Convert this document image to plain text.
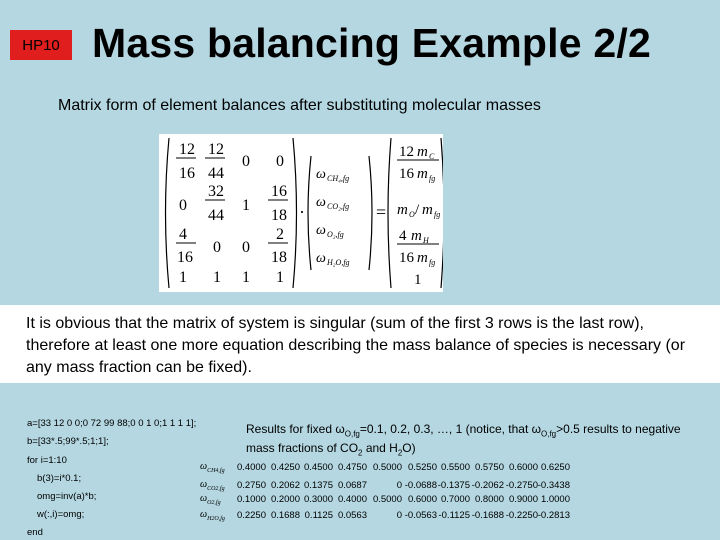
HP10 Mass balancing Example 2/2
Matrix form of element balances after substituting molecular masses
12
16
12
44
0 0
0
32
44
1
16
18
4
16
0 0
2
18
1 1 1 1
·
ω CH₄,fg
ω CO₂,fg
ω O₂,fg
ω H₂O,fg
=
12 m C
16 m fg
m O / m fg
4 m H
16 m fg
1
It is obvious that the matrix of system is singular (sum of the first 3 rows is the last row), therefore at least one more equation describing the mass balance of species is necessary (or any mass fraction can be fixed).
a=[33 12 0 0;0 72 99 88;0 0 1 0;1 1 1 1];
b=[33*.5;99*.5;1;1];
for i=1:10
b(3)=i*0.1;
omg=inv(a)*b;
w(:,i)=omg;
end
Results for fixed $\omega_{O,fg}=0.1$, 0.2, 0.3, …, 1 (notice, that $\omega_{O,fg}>0.5$ results to negative
mass fractions of $CO_2$ and $H_2O$)
$\omega_{CH4,fg}$ 0.4000 0.4250 0.4500 0.4750 0.5000 0.5250 0.5500 0.5750 0.6000 0.6250
$\omega_{CO2,fg}$ 0.2750 0.2062 0.1375 0.0687	0 -0.0688 -0.1375 -0.2062 -0.2750 -0.3438
$\omega_{O2,fg}$ 0.1000 0.2000 0.3000 0.4000 0.5000 0.6000 0.7000 0.8000 0.9000 1.0000
$\omega_{H2O,fg}$ 0.2250 0.1688 0.1125 0.0563	0 -0.0563 -0.1125 -0.1688 -0.2250 -0.2813
